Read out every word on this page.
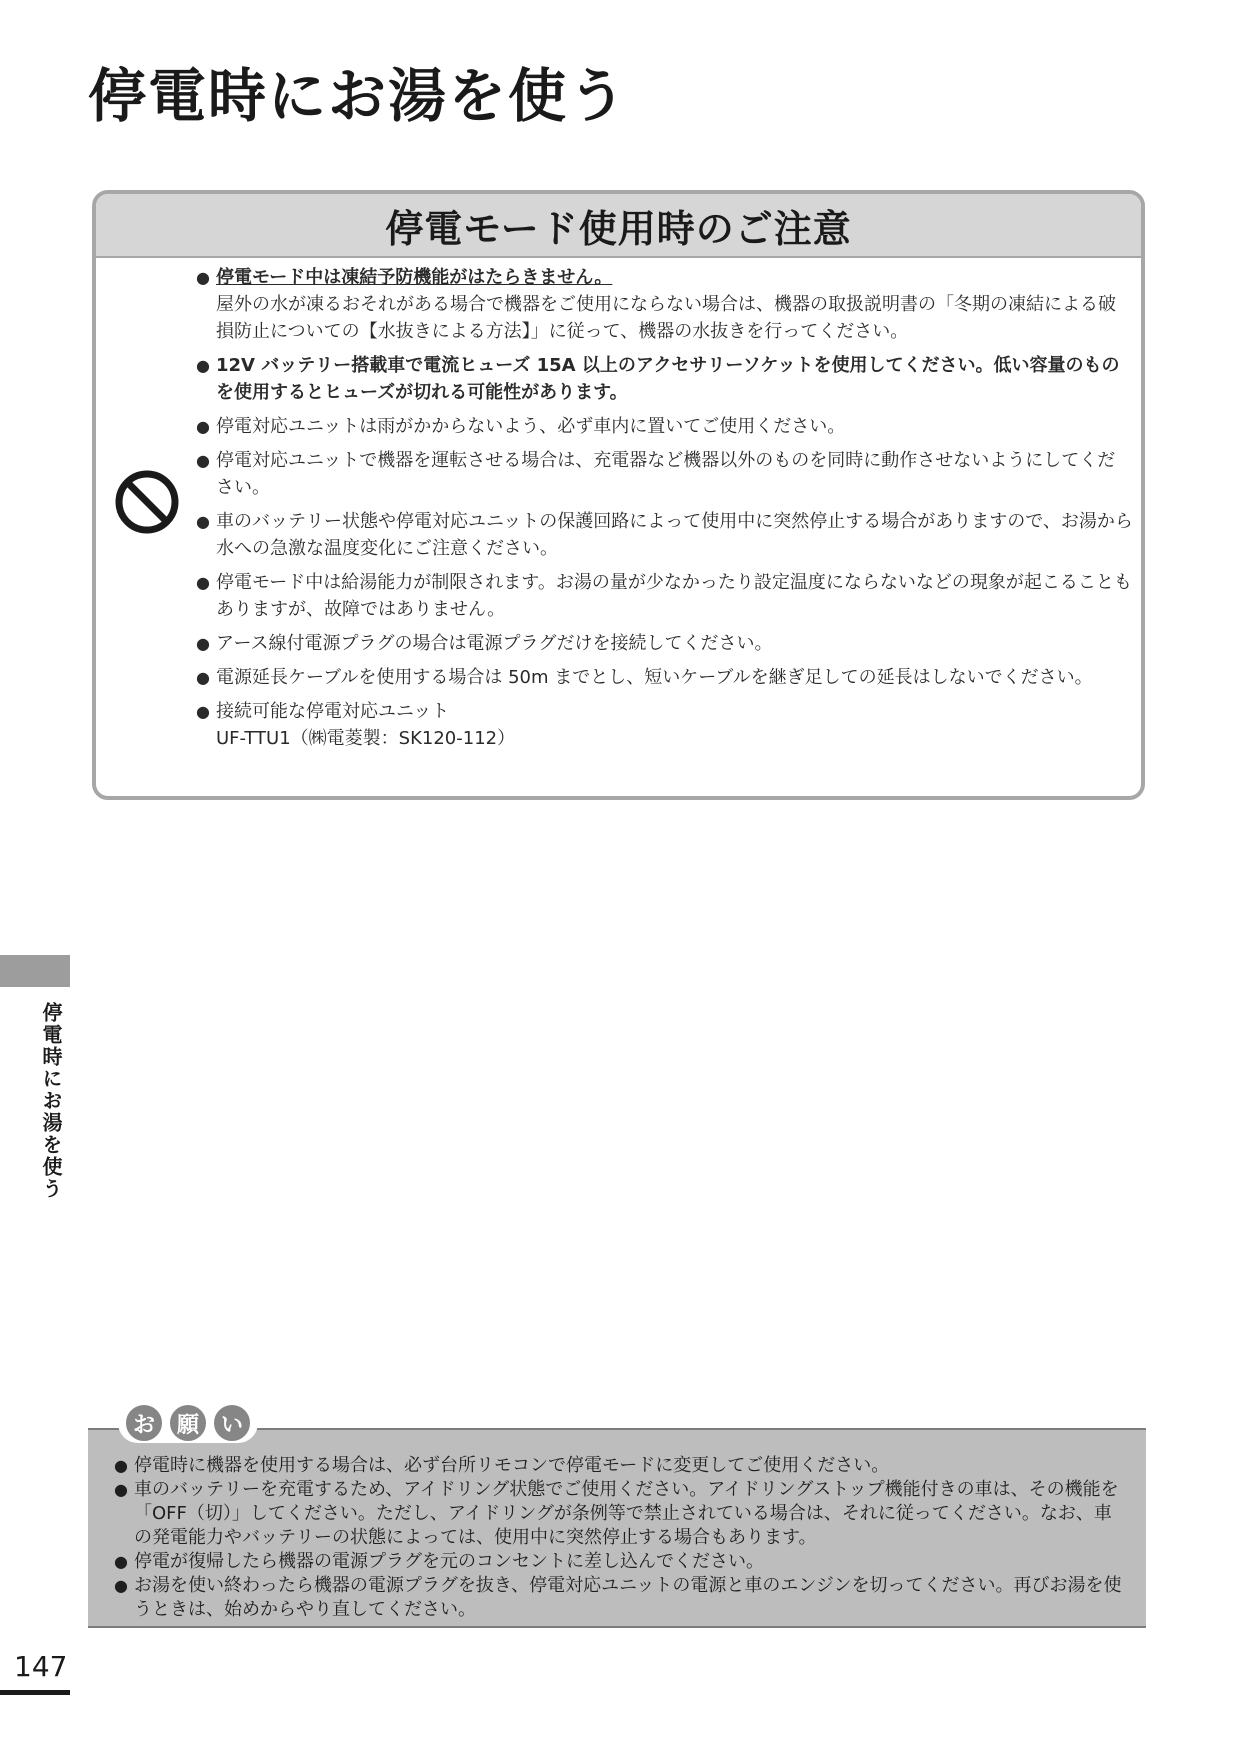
停電時にお湯を使う
停電モード使用時のご注意
● 停電モード中は凍結予防機能がはたらきません。
屋外の水が凍るおそれがある場合で機器をご使用にならない場合は、機器の取扱説明書の「冬期の凍結による破損防止についての【水抜きによる方法】」に従って、機器の水抜きを行ってください。
● 12V バッテリー搭載車で電流ヒューズ 15A 以上のアクセサリーソケットを使用してください。低い容量のものを使用するとヒューズが切れる可能性があります。
● 停電対応ユニットは雨がかからないよう、必ず車内に置いてご使用ください。
● 停電対応ユニットで機器を運転させる場合は、充電器など機器以外のものを同時に動作させないようにしてください。
● 車のバッテリー状態や停電対応ユニットの保護回路によって使用中に突然停止する場合がありますので、お湯から水への急激な温度変化にご注意ください。
● 停電モード中は給湯能力が制限されます。お湯の量が少なかったり設定温度にならないなどの現象が起こることもありますが、故障ではありません。
● アース線付電源プラグの場合は電源プラグだけを接続してください。
● 電源延長ケーブルを使用する場合は 50m までとし、短いケーブルを継ぎ足しての延長はしないでください。
● 接続可能な停電対応ユニット
UF-TTU1（㈱電菱製：SK120-112）
停電時にお湯を使う
お 願 い
● 停電時に機器を使用する場合は、必ず台所リモコンで停電モードに変更してご使用ください。
● 車のバッテリーを充電するため、アイドリング状態でご使用ください。アイドリングストップ機能付きの車は、その機能を「OFF（切）」してください。ただし、アイドリングが条例等で禁止されている場合は、それに従ってください。なお、車の発電能力やバッテリーの状態によっては、使用中に突然停止する場合もあります。
● 停電が復帰したら機器の電源プラグを元のコンセントに差し込んでください。
● お湯を使い終わったら機器の電源プラグを抜き、停電対応ユニットの電源と車のエンジンを切ってください。再びお湯を使うときは、始めからやり直してください。
147
